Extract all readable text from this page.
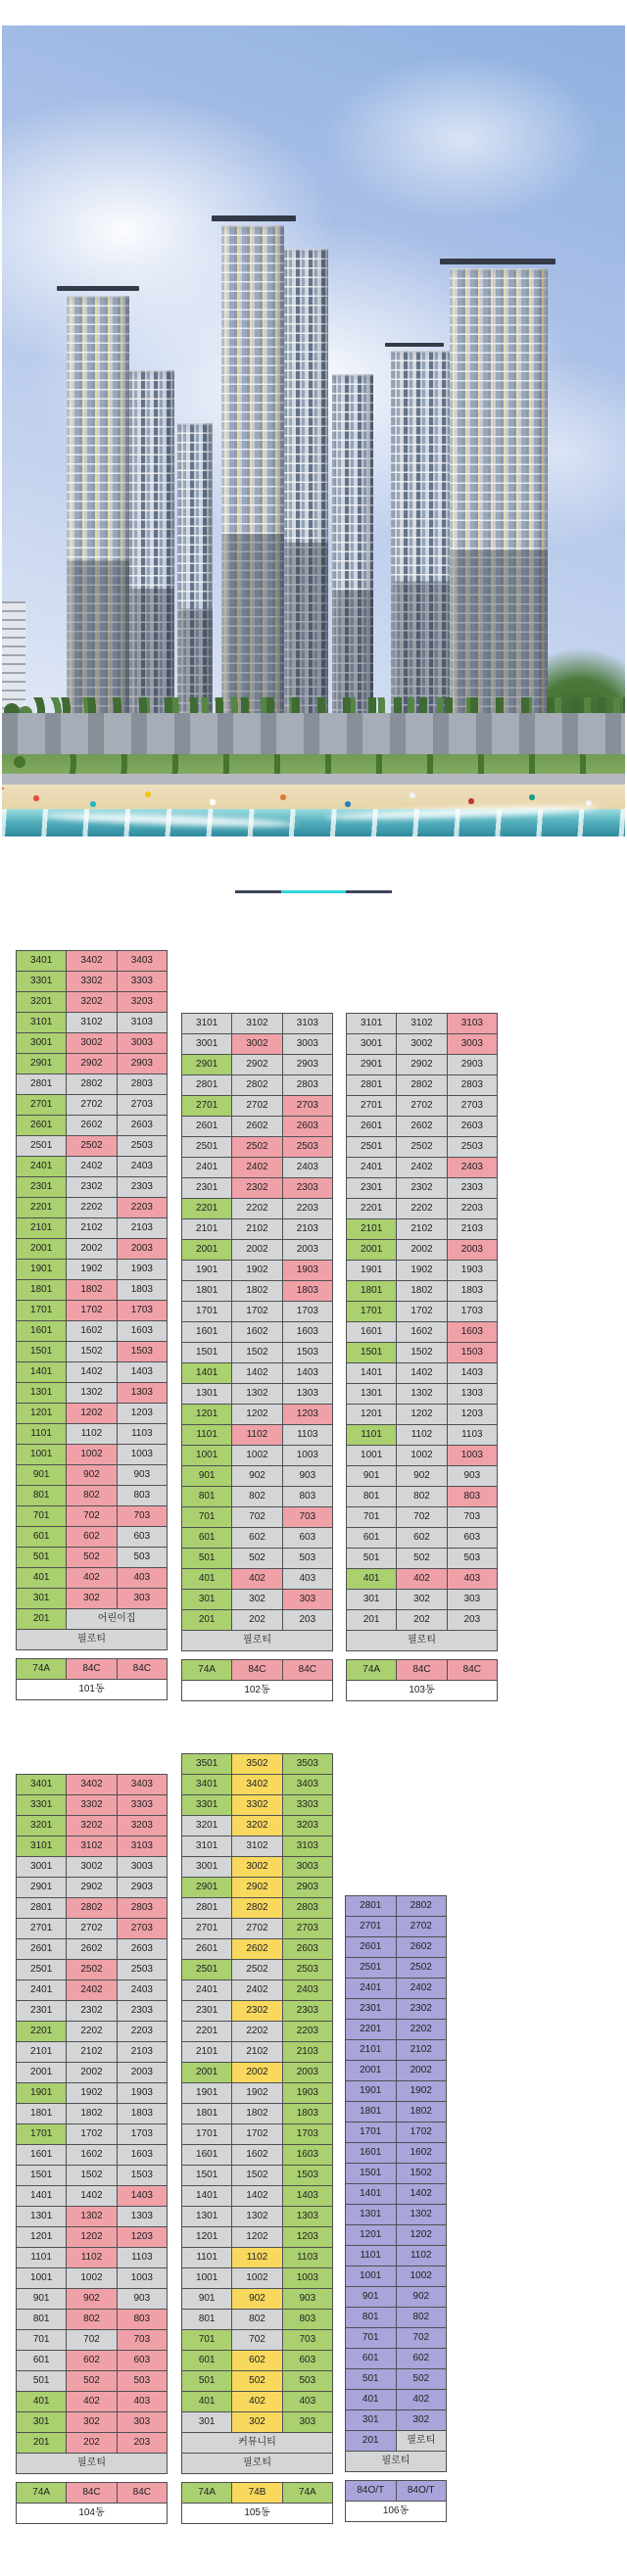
3401	3402	3403
3301	3302	3303
3201	3202	3203
3101	3102	3103
3001	3002	3003
2901	2902	2903
2801	2802	2803
2701	2702	2703
2601	2602	2603
2501	2502	2503
2401	2402	2403
2301	2302	2303
2201	2202	2203
2101	2102	2103
2001	2002	2003
1901	1902	1903
1801	1802	1803
1701	1702	1703
1601	1602	1603
1501	1502	1503
1401	1402	1403
1301	1302	1303
1201	1202	1203
1101	1102	1103
1001	1002	1003
901	902	903
801	802	803
701	702	703
601	602	603
501	502	503
401	402	403
301	302	303
201	어린이집	
필로티		
74A	84C	84C
101동
3101	3102	3103
3001	3002	3003
2901	2902	2903
2801	2802	2803
2701	2702	2703
2601	2602	2603
2501	2502	2503
2401	2402	2403
2301	2302	2303
2201	2202	2203
2101	2102	2103
2001	2002	2003
1901	1902	1903
1801	1802	1803
1701	1702	1703
1601	1602	1603
1501	1502	1503
1401	1402	1403
1301	1302	1303
1201	1202	1203
1101	1102	1103
1001	1002	1003
901	902	903
801	802	803
701	702	703
601	602	603
501	502	503
401	402	403
301	302	303
201	202	203
필로티		
74A	84C	84C
102동
3101	3102	3103
3001	3002	3003
2901	2902	2903
2801	2802	2803
2701	2702	2703
2601	2602	2603
2501	2502	2503
2401	2402	2403
2301	2302	2303
2201	2202	2203
2101	2102	2103
2001	2002	2003
1901	1902	1903
1801	1802	1803
1701	1702	1703
1601	1602	1603
1501	1502	1503
1401	1402	1403
1301	1302	1303
1201	1202	1203
1101	1102	1103
1001	1002	1003
901	902	903
801	802	803
701	702	703
601	602	603
501	502	503
401	402	403
301	302	303
201	202	203
필로티		
74A	84C	84C
103동
3401	3402	3403
3301	3302	3303
3201	3202	3203
3101	3102	3103
3001	3002	3003
2901	2902	2903
2801	2802	2803
2701	2702	2703
2601	2602	2603
2501	2502	2503
2401	2402	2403
2301	2302	2303
2201	2202	2203
2101	2102	2103
2001	2002	2003
1901	1902	1903
1801	1802	1803
1701	1702	1703
1601	1602	1603
1501	1502	1503
1401	1402	1403
1301	1302	1303
1201	1202	1203
1101	1102	1103
1001	1002	1003
901	902	903
801	802	803
701	702	703
601	602	603
501	502	503
401	402	403
301	302	303
201	202	203
필로티		
74A	84C	84C
104동
3501	3502	3503
3401	3402	3403
3301	3302	3303
3201	3202	3203
3101	3102	3103
3001	3002	3003
2901	2902	2903
2801	2802	2803
2701	2702	2703
2601	2602	2603
2501	2502	2503
2401	2402	2403
2301	2302	2303
2201	2202	2203
2101	2102	2103
2001	2002	2003
1901	1902	1903
1801	1802	1803
1701	1702	1703
1601	1602	1603
1501	1502	1503
1401	1402	1403
1301	1302	1303
1201	1202	1203
1101	1102	1103
1001	1002	1003
901	902	903
801	802	803
701	702	703
601	602	603
501	502	503
401	402	403
301	302	303
커뮤니티		
필로티		
74A	74B	74A
105동
2801	2802
2701	2702
2601	2602
2501	2502
2401	2402
2301	2302
2201	2202
2101	2102
2001	2002
1901	1902
1801	1802
1701	1702
1601	1602
1501	1502
1401	1402
1301	1302
1201	1202
1101	1102
1001	1002
901	902
801	802
701	702
601	602
501	502
401	402
301	302
201	필로티
필로티	
84O/T	84O/T
106동
